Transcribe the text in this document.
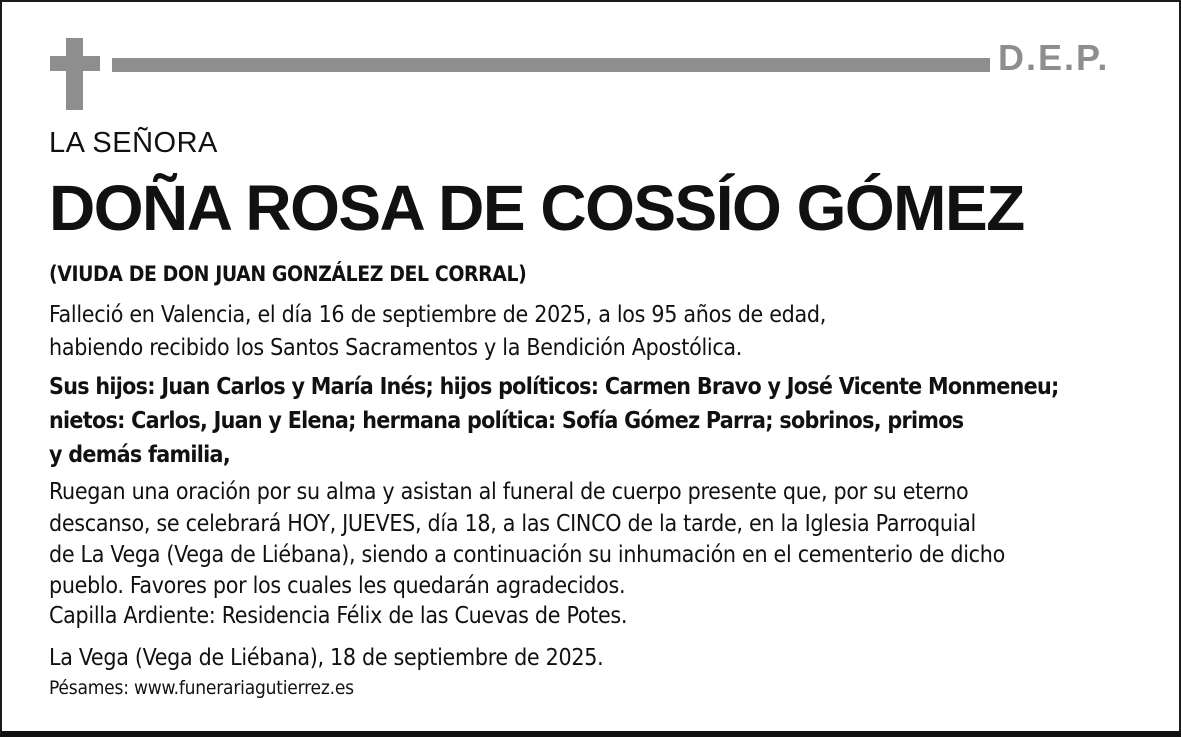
D.E.P.
LA SEÑORA
DOÑA ROSA DE COSSÍO GÓMEZ
(VIUDA DE DON JUAN GONZÁLEZ DEL CORRAL)
Falleció en Valencia, el día 16 de septiembre de 2025, a los 95 años de edad,
habiendo recibido los Santos Sacramentos y la Bendición Apostólica.
Sus hijos: Juan Carlos y María Inés; hijos políticos: Carmen Bravo y José Vicente Monmeneu;
nietos: Carlos, Juan y Elena; hermana política: Sofía Gómez Parra; sobrinos, primos
y demás familia,
Ruegan una oración por su alma y asistan al funeral de cuerpo presente que, por su eterno
descanso, se celebrará HOY, JUEVES, día 18, a las CINCO de la tarde, en la Iglesia Parroquial
de La Vega (Vega de Liébana), siendo a continuación su inhumación en el cementerio de dicho
pueblo. Favores por los cuales les quedarán agradecidos.
Capilla Ardiente: Residencia Félix de las Cuevas de Potes.
La Vega (Vega de Liébana), 18 de septiembre de 2025.
Pésames: www.funerariagutierrez.es
